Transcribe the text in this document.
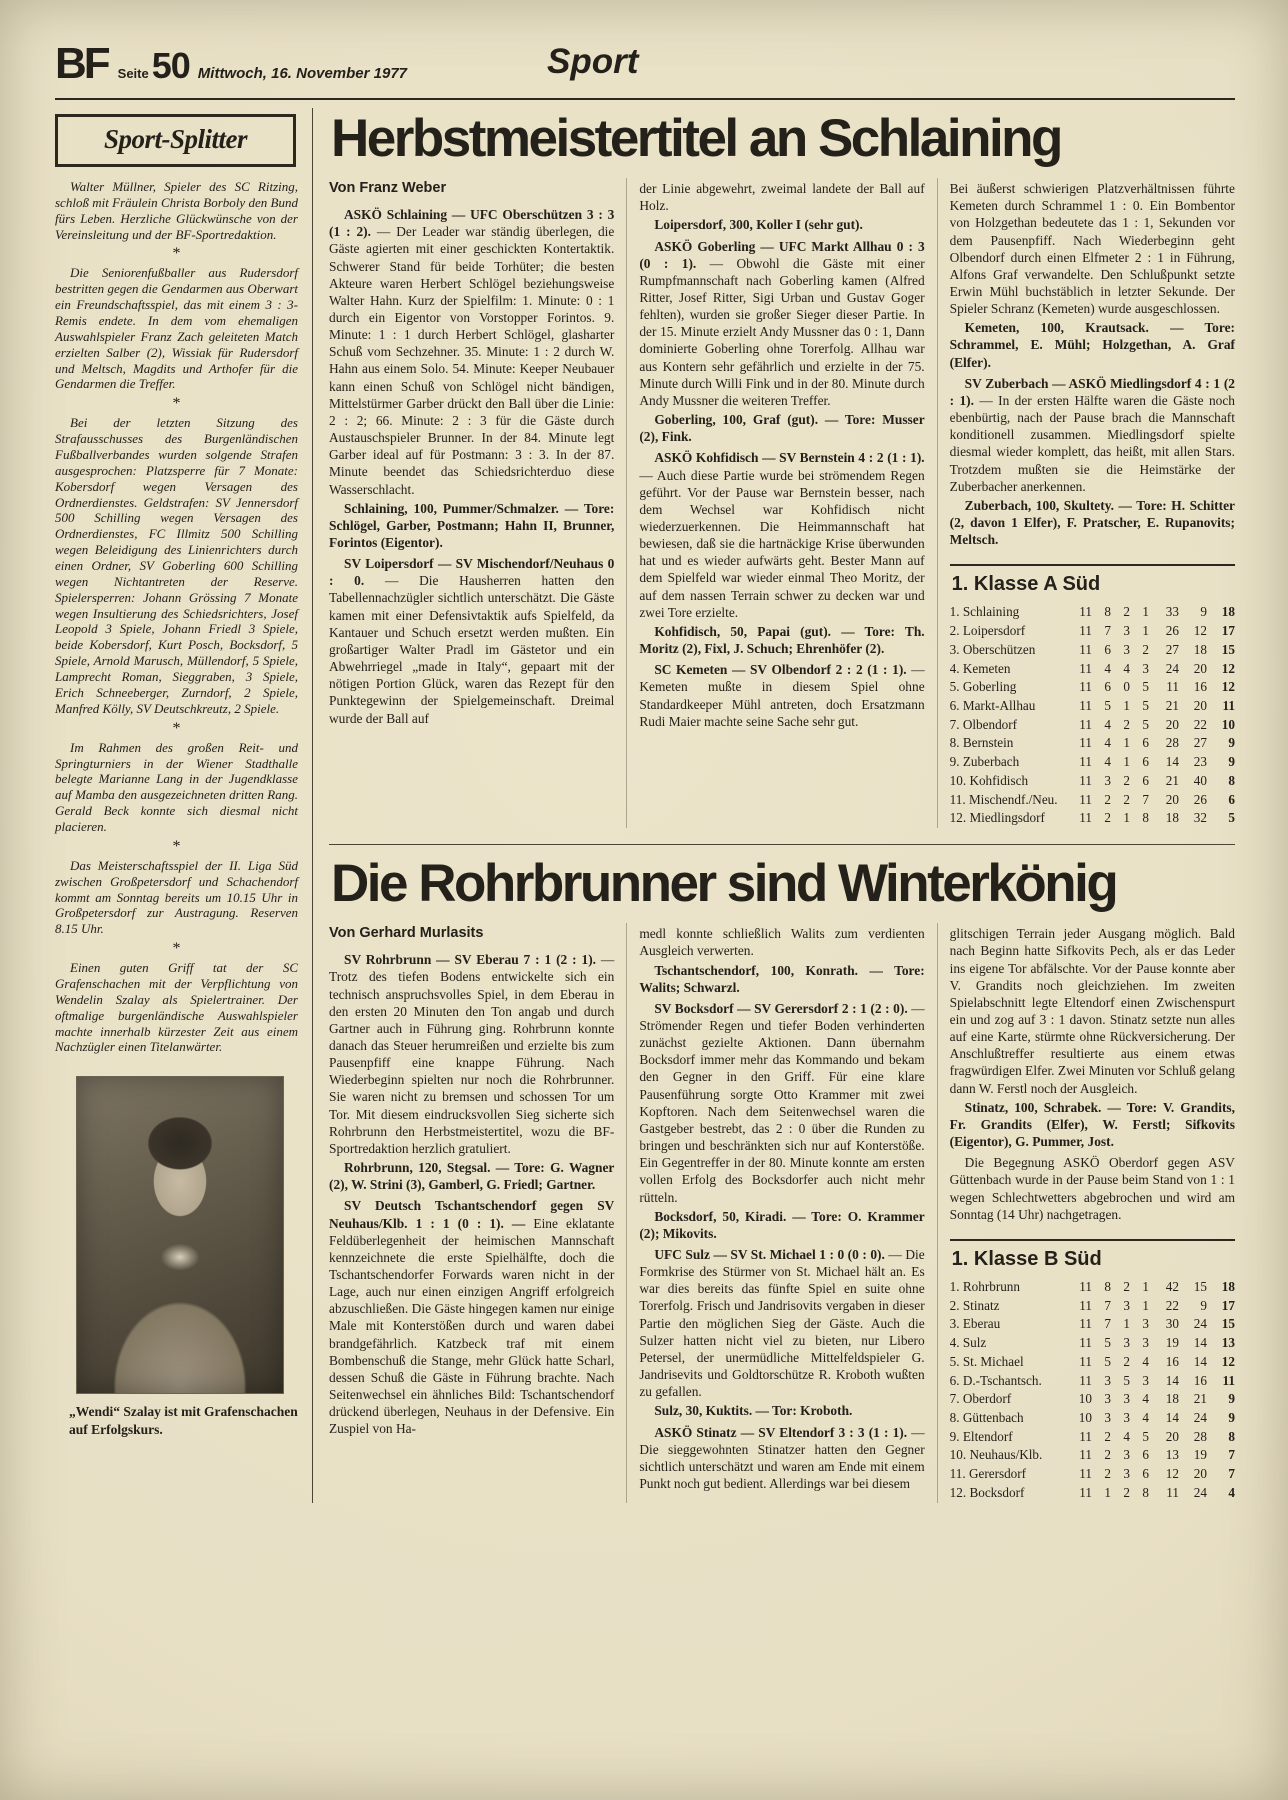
BF Seite 50 Mittwoch, 16. November 1977	Sport
Sport-Splitter

Walter Müllner, Spieler des SC Ritzing, schloß mit Fräulein Christa Borboly den Bund fürs Leben. Herzliche Glückwünsche von der Vereinsleitung und der BF-Sportredaktion.

*

Die Seniorenfußballer aus Rudersdorf bestritten gegen die Gendarmen aus Oberwart ein Freundschaftsspiel, das mit einem 3 : 3-Remis endete. In dem vom ehemaligen Auswahlspieler Franz Zach geleiteten Match erzielten Salber (2), Wissiak für Rudersdorf und Meltsch, Magdits und Arthofer für die Gendarmen die Treffer.

*

Bei der letzten Sitzung des Strafausschusses des Burgenländischen Fußballverbandes wurden solgende Strafen ausgesprochen: Platzsperre für 7 Monate: Kobersdorf wegen Versagen des Ordnerdienstes. Geldstrafen: SV Jennersdorf 500 Schilling wegen Versagen des Ordnerdienstes, FC Illmitz 500 Schilling wegen Beleidigung des Linienrichters durch einen Ordner, SV Goberling 600 Schilling wegen Nichtantreten der Reserve. Spielersperren: Johann Grössing 7 Monate wegen Insultierung des Schiedsrichters, Josef Leopold 3 Spiele, Johann Friedl 3 Spiele, beide Kobersdorf, Kurt Posch, Bocksdorf, 5 Spiele, Arnold Marusch, Müllendorf, 5 Spiele, Lamprecht Roman, Sieggraben, 3 Spiele, Erich Schneeberger, Zurndorf, 2 Spiele, Manfred Kölly, SV Deutschkreutz, 2 Spiele.

*

Im Rahmen des großen Reit- und Springturniers in der Wiener Stadthalle belegte Marianne Lang in der Jugendklasse auf Mamba den ausgezeichneten dritten Rang. Gerald Beck konnte sich diesmal nicht placieren.

*

Das Meisterschaftsspiel der II. Liga Süd zwischen Großpetersdorf und Schachendorf kommt am Sonntag bereits um 10.15 Uhr in Großpetersdorf zur Austragung. Reserven 8.15 Uhr.

*

Einen guten Griff tat der SC Grafenschachen mit der Verpflichtung von Wendelin Szalay als Spielertrainer. Der oftmalige burgenländische Auswahlspieler machte innerhalb kürzester Zeit aus einem Nachzügler einen Titelanwärter.

„Wendi“ Szalay ist mit Grafenschachen auf Erfolgskurs.

Herbstmeistertitel an Schlaining
Von Franz Weber

ASKÖ Schlaining — UFC Oberschützen 3 : 3 (1 : 2). — Der Leader war ständig überlegen, die Gäste agierten mit einer geschickten Kontertaktik. Schwerer Stand für beide Torhüter; die besten Akteure waren Herbert Schlögel beziehungsweise Walter Hahn. Kurz der Spielfilm: 1. Minute: 0 : 1 durch ein Eigentor von Vorstopper Forintos. 9. Minute: 1 : 1 durch Herbert Schlögel, glasharter Schuß vom Sechzehner. 35. Minute: 1 : 2 durch W. Hahn aus einem Solo. 54. Minute: Keeper Neubauer kann einen Schuß von Schlögel nicht bändigen, Mittelstürmer Garber drückt den Ball über die Linie: 2 : 2; 66. Minute: 2 : 3 für die Gäste durch Austauschspieler Brunner. In der 84. Minute legt Garber ideal auf für Postmann: 3 : 3. In der 87. Minute beendet das Schiedsrichterduo diese Wasserschlacht.

Schlaining, 100, Pummer/Schmalzer. — Tore: Schlögel, Garber, Postmann; Hahn II, Brunner, Forintos (Eigentor).

SV Loipersdorf — SV Mischendorf/Neuhaus 0 : 0. — Die Hausherren hatten den Tabellennachzügler sichtlich unterschätzt. Die Gäste kamen mit einer Defensivtaktik aufs Spielfeld, da Kantauer und Schuch ersetzt werden mußten. Ein großartiger Walter Pradl im Gästetor und ein Abwehrriegel „made in Italy“, gepaart mit der nötigen Portion Glück, waren das Rezept für den Punktegewinn der Spielgemeinschaft. Dreimal wurde der Ball auf

der Linie abgewehrt, zweimal landete der Ball auf Holz.

Loipersdorf, 300, Koller I (sehr gut).

ASKÖ Goberling — UFC Markt Allhau 0 : 3 (0 : 1). — Obwohl die Gäste mit einer Rumpfmannschaft nach Goberling kamen (Alfred Ritter, Josef Ritter, Sigi Urban und Gustav Goger fehlten), wurden sie großer Sieger dieser Partie. In der 15. Minute erzielt Andy Mussner das 0 : 1, Dann dominierte Goberling ohne Torerfolg. Allhau war aus Kontern sehr gefährlich und erzielte in der 75. Minute durch Willi Fink und in der 80. Minute durch Andy Mussner die weiteren Treffer.

Goberling, 100, Graf (gut). — Tore: Musser (2), Fink.

ASKÖ Kohfidisch — SV Bernstein 4 : 2 (1 : 1). — Auch diese Partie wurde bei strömendem Regen geführt. Vor der Pause war Bernstein besser, nach dem Wechsel war Kohfidisch nicht wiederzuerkennen. Die Heimmannschaft hat bewiesen, daß sie die hartnäckige Krise überwunden hat und es wieder aufwärts geht. Bester Mann auf dem Spielfeld war wieder einmal Theo Moritz, der auf dem nassen Terrain schwer zu decken war und zwei Tore erzielte.

Kohfidisch, 50, Papai (gut). — Tore: Th. Moritz (2), Fixl, J. Schuch; Ehrenhöfer (2).

SC Kemeten — SV Olbendorf 2 : 2 (1 : 1). — Kemeten mußte in diesem Spiel ohne Standardkeeper Mühl antreten, doch Ersatzmann Rudi Maier machte seine Sache sehr gut.

Bei äußerst schwierigen Platzverhältnissen führte Kemeten durch Schrammel 1 : 0. Ein Bombentor von Holzgethan bedeutete das 1 : 1, Sekunden vor dem Pausenpfiff. Nach Wiederbeginn geht Olbendorf durch einen Elfmeter 2 : 1 in Führung, Alfons Graf verwandelte. Den Schlußpunkt setzte Erwin Mühl buchstäblich in letzter Sekunde. Der Spieler Schranz (Kemeten) wurde ausgeschlossen.

Kemeten, 100, Krautsack. — Tore: Schrammel, E. Mühl; Holzgethan, A. Graf (Elfer).

SV Zuberbach — ASKÖ Miedlingsdorf 4 : 1 (2 : 1). — In der ersten Hälfte waren die Gäste noch ebenbürtig, nach der Pause brach die Mannschaft konditionell zusammen. Miedlingsdorf spielte diesmal wieder komplett, das heißt, mit allen Stars. Trotzdem mußten sie die Heimstärke der Zuberbacher anerkennen.

Zuberbach, 100, Skultety. — Tore: H. Schitter (2, davon 1 Elfer), F. Pratscher, E. Rupanovits; Meltsch.

1. Klasse A Süd
1. Schlaining	11 8 2 1	33	9	18
2. Loipersdorf	11 7 3 1	26	12	17
3. Oberschützen	11 6 3 2	27	18	15
4. Kemeten	11 4 4 3	24	20	12
5. Goberling	11 6 0 5	11	16	12
6. Markt-Allhau	11 5 1 5	21	20	11
7. Olbendorf	11 4 2 5	20	22	10
8. Bernstein	11 4 1 6	28	27	9
9. Zuberbach	11 4 1 6	14	23	9
10. Kohfidisch	11 3 2 6	21	40	8
11. Mischendf./Neu.	11 2 2 7	20	26	6
12. Miedlingsdorf	11 2 1 8	18	32	5
Die Rohrbrunner sind Winterkönig
Von Gerhard Murlasits

SV Rohrbrunn — SV Eberau 7 : 1 (2 : 1). — Trotz des tiefen Bodens entwickelte sich ein technisch anspruchsvolles Spiel, in dem Eberau in den ersten 20 Minuten den Ton angab und durch Gartner auch in Führung ging. Rohrbrunn konnte danach das Steuer herumreißen und erzielte bis zum Pausenpfiff eine knappe Führung. Nach Wiederbeginn spielten nur noch die Rohrbrunner. Sie waren nicht zu bremsen und schossen Tor um Tor. Mit diesem eindrucksvollen Sieg sicherte sich Rohrbrunn den Herbstmeistertitel, wozu die BF-Sportredaktion herzlich gratuliert.

Rohrbrunn, 120, Stegsal. — Tore: G. Wagner (2), W. Strini (3), Gamberl, G. Friedl; Gartner.

SV Deutsch Tschantschendorf gegen SV Neuhaus/Klb. 1 : 1 (0 : 1). — Eine eklatante Feldüberlegenheit der heimischen Mannschaft kennzeichnete die erste Spielhälfte, doch die Tschantschendorfer Forwards waren nicht in der Lage, auch nur einen einzigen Angriff erfolgreich abzuschließen. Die Gäste hingegen kamen nur einige Male mit Konterstößen durch und waren dabei brandgefährlich. Katzbeck traf mit einem Bombenschuß die Stange, mehr Glück hatte Scharl, dessen Schuß die Gäste in Führung brachte. Nach Seitenwechsel ein ähnliches Bild: Tschantschendorf drückend überlegen, Neuhaus in der Defensive. Ein Zuspiel von Ha-

medl konnte schließlich Walits zum verdienten Ausgleich verwerten.

Tschantschendorf, 100, Konrath. — Tore: Walits; Schwarzl.

SV Bocksdorf — SV Gerersdorf 2 : 1 (2 : 0). — Strömender Regen und tiefer Boden verhinderten zunächst gezielte Aktionen. Dann übernahm Bocksdorf immer mehr das Kommando und bekam den Gegner in den Griff. Für eine klare Pausenführung sorgte Otto Krammer mit zwei Kopftoren. Nach dem Seitenwechsel waren die Gastgeber bestrebt, das 2 : 0 über die Runden zu bringen und beschränkten sich nur auf Konterstöße. Ein Gegentreffer in der 80. Minute konnte am ersten vollen Erfolg des Bocksdorfer auch nicht mehr rütteln.

Bocksdorf, 50, Kiradi. — Tore: O. Krammer (2); Mikovits.

UFC Sulz — SV St. Michael 1 : 0 (0 : 0). — Die Formkrise des Stürmer von St. Michael hält an. Es war dies bereits das fünfte Spiel en suite ohne Torerfolg. Frisch und Jandrisovits vergaben in dieser Partie den möglichen Sieg der Gäste. Auch die Sulzer hatten nicht viel zu bieten, nur Libero Petersel, der unermüdliche Mittelfeldspieler G. Jandrisevits und Goldtorschütze R. Kroboth wußten zu gefallen.

Sulz, 30, Kuktits. — Tor: Kroboth.

ASKÖ Stinatz — SV Eltendorf 3 : 3 (1 : 1). — Die sieggewohnten Stinatzer hatten den Gegner sichtlich unterschätzt und waren am Ende mit einem Punkt noch gut bedient. Allerdings war bei diesem

glitschigen Terrain jeder Ausgang möglich. Bald nach Beginn hatte Sifkovits Pech, als er das Leder ins eigene Tor abfälschte. Vor der Pause konnte aber V. Grandits noch gleichziehen. Im zweiten Spielabschnitt legte Eltendorf einen Zwischenspurt ein und zog auf 3 : 1 davon. Stinatz setzte nun alles auf eine Karte, stürmte ohne Rückversicherung. Der Anschlußtreffer resultierte aus einem etwas fragwürdigen Elfer. Zwei Minuten vor Schluß gelang dann W. Ferstl noch der Ausgleich.

Stinatz, 100, Schrabek. — Tore: V. Grandits, Fr. Grandits (Elfer), W. Ferstl; Sifkovits (Eigentor), G. Pummer, Jost.

Die Begegnung ASKÖ Oberdorf gegen ASV Güttenbach wurde in der Pause beim Stand von 1 : 1 wegen Schlechtwetters abgebrochen und wird am Sonntag (14 Uhr) nachgetragen.

1. Klasse B Süd
1. Rohrbrunn	11 8 2 1	42	15	18
2. Stinatz	11 7 3 1	22	9	17
3. Eberau	11 7 1 3	30	24	15
4. Sulz	11 5 3 3	19	14	13
5. St. Michael	11 5 2 4	16	14	12
6. D.-Tschantsch.	11 3 5 3	14	16	11
7. Oberdorf	10 3 3 4	18	21	9
8. Güttenbach	10 3 3 4	14	24	9
9. Eltendorf	11 2 4 5	20	28	8
10. Neuhaus/Klb.	11 2 3 6	13	19	7
11. Gerersdorf	11 2 3 6	12	20	7
12. Bocksdorf	11 1 2 8	11	24	4
